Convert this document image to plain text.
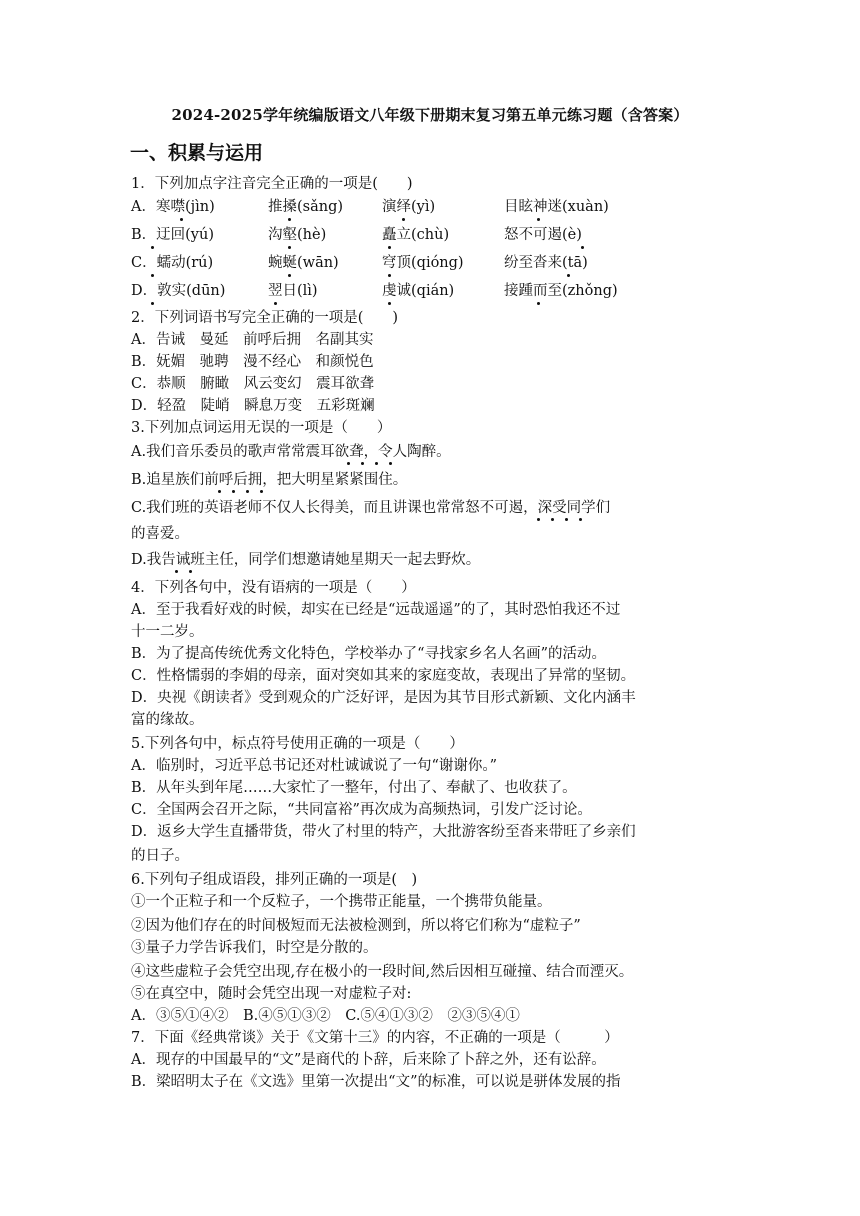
2024-2025学年统编版语文八年级下册期末复习第五单元练习题（含答案）
一、积累与运用
1．下列加点字注音完全正确的一项是(　　)
A．寒噤(jìn)	推搡(sǎng)	演绎(yì)	目眩神迷(xuàn)
B．迂回(yú)	沟壑(hè)	矗立(chù)	怒不可遏(è)
C．蠕动(rú)	蜿蜒(wān)	穹顶(qióng)	纷至沓来(tā)
D．敦实(dūn)	翌日(lì)	虔诚(qián)	接踵而至(zhǒng)
2．下列词语书写完全正确的一项是(　　)
A．告诫　曼延　前呼后拥　名副其实
B．妩媚　驰聘　漫不经心　和颜悦色
C．恭顺　腑瞰　风云变幻　震耳欲聋
D．轻盈　陡峭　瞬息万变　五彩斑斓
3.下列加点词运用无误的一项是（　　）
A.我们音乐委员的歌声常常震耳欲聋，令人陶醉。
B.追星族们前呼后拥，把大明星紧紧围住。
C.我们班的英语老师不仅人长得美，而且讲课也常常怒不可遏，深受同学们
的喜爱。
D.我告诫班主任，同学们想邀请她星期天一起去野炊。
4．下列各句中，没有语病的一项是（　　）
A．至于我看好戏的时候，却实在已经是“远哉遥遥”的了，其时恐怕我还不过
十一二岁。
B．为了提高传统优秀文化特色，学校举办了“寻找家乡名人名画”的活动。
C．性格懦弱的李娟的母亲，面对突如其来的家庭变故，表现出了异常的坚韧。
D．央视《朗读者》受到观众的广泛好评，是因为其节目形式新颖、文化内涵丰
富的缘故。
5.下列各句中，标点符号使用正确的一项是（　　）
A．临别时，习近平总书记还对杜诚诚说了一句“谢谢你。”
B．从年头到年尾……大家忙了一整年，付出了、奉献了、也收获了。
C．全国两会召开之际，“共同富裕”再次成为高频热词，引发广泛讨论。
D．返乡大学生直播带货，带火了村里的特产，大批游客纷至沓来带旺了乡亲们
的日子。
6.下列句子组成语段，排列正确的一项是(　)
①一个正粒子和一个反粒子，一个携带正能量，一个携带负能量。
②因为他们存在的时间极短而无法被检测到，所以将它们称为“虚粒子”
③量子力学告诉我们，时空是分散的。
④这些虚粒子会凭空出现,存在极小的一段时间,然后因相互碰撞、结合而湮灭。
⑤在真空中，随时会凭空出现一对虚粒子对:
A．③⑤①④②　B.④⑤①③②　C.⑤④①③②　②③⑤④①
7．下面《经典常谈》关于《文第十三》的内容，不正确的一项是（　　　）
A．现存的中国最早的“文”是商代的卜辞，后来除了卜辞之外，还有讼辞。
B．梁昭明太子在《文选》里第一次提出“文”的标准，可以说是骈体发展的指
